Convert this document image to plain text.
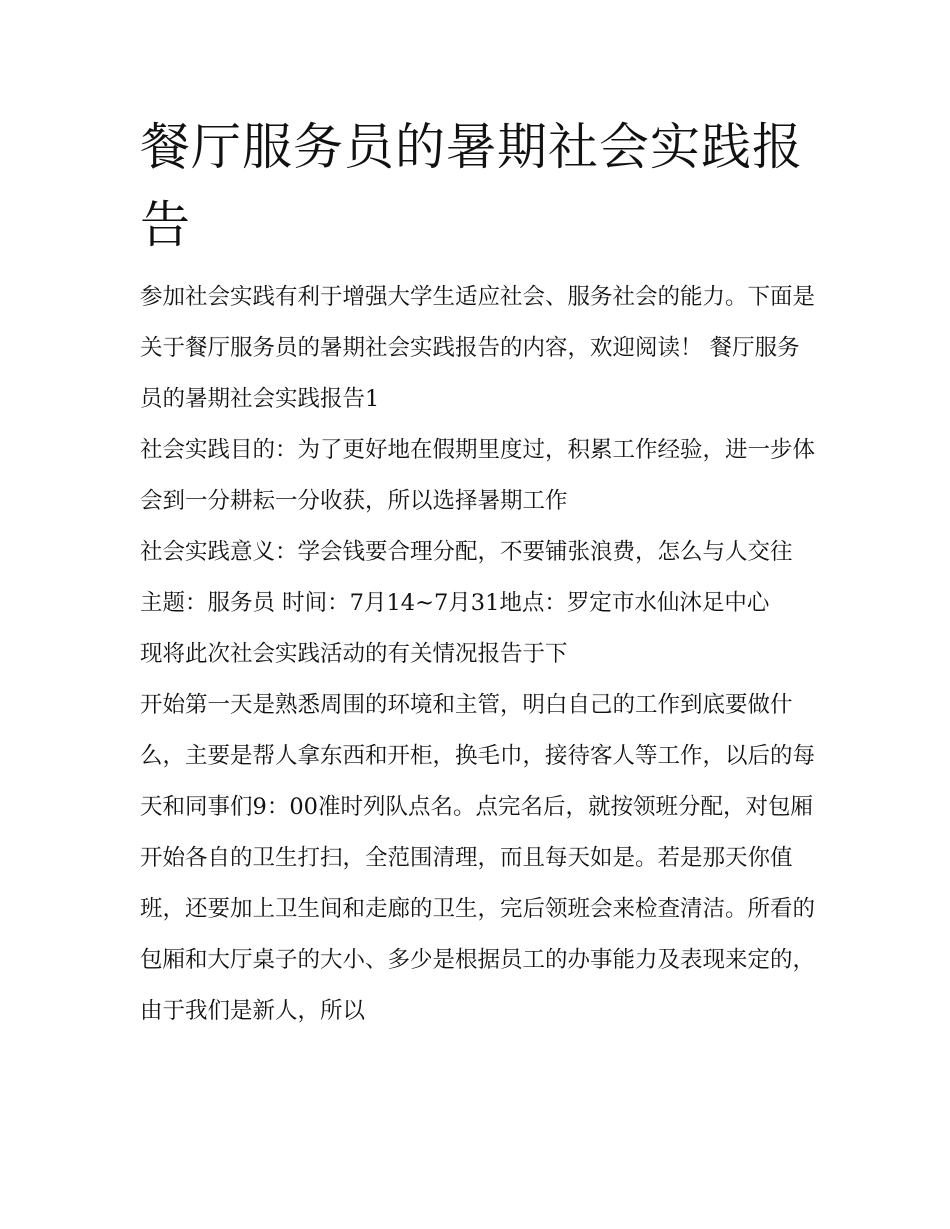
餐厅服务员的暑期社会实践报告

参加社会实践有利于增强大学生适应社会、服务社会的能力。下面是关于餐厅服务员的暑期社会实践报告的内容，欢迎阅读！ 餐厅服务员的暑期社会实践报告1

社会实践目的：为了更好地在假期里度过，积累工作经验，进一步体会到一分耕耘一分收获，所以选择暑期工作

社会实践意义：学会钱要合理分配，不要铺张浪费，怎么与人交往 主题：服务员 时间：7月14~7月31地点：罗定市水仙沐足中心

现将此次社会实践活动的有关情况报告于下

开始第一天是熟悉周围的环境和主管，明白自己的工作到底要做什么，主要是帮人拿东西和开柜，换毛巾，接待客人等工作，以后的每天和同事们9：00准时列队点名。点完名后，就按领班分配，对包厢开始各自的卫生打扫，全范围清理，而且每天如是。若是那天你值班，还要加上卫生间和走廊的卫生，完后领班会来检查清洁。所看的包厢和大厅桌子的大小、多少是根据员工的办事能力及表现来定的，由于我们是新人，所以
